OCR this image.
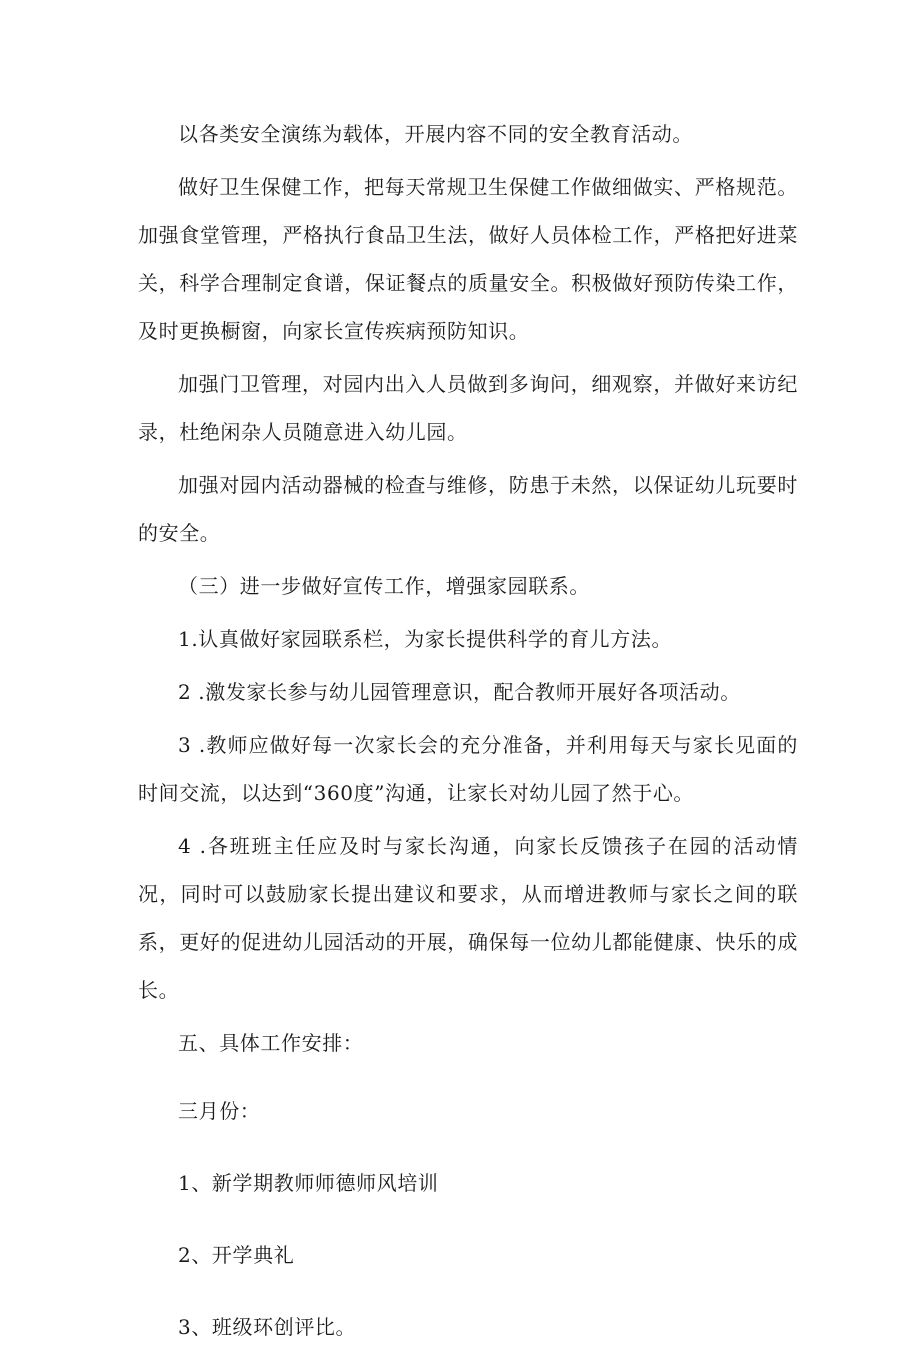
以各类安全演练为载体，开展内容不同的安全教育活动。

做好卫生保健工作，把每天常规卫生保健工作做细做实、严格规范。加强食堂管理，严格执行食品卫生法，做好人员体检工作，严格把好进菜关，科学合理制定食谱，保证餐点的质量安全。积极做好预防传染工作，及时更换橱窗，向家长宣传疾病预防知识。

加强门卫管理，对园内出入人员做到多询问，细观察，并做好来访纪录，杜绝闲杂人员随意进入幼儿园。

加强对园内活动器械的检查与维修，防患于未然，以保证幼儿玩要时的安全。

（三）进一步做好宣传工作，增强家园联系。

1.认真做好家园联系栏，为家长提供科学的育儿方法。

2 .激发家长参与幼儿园管理意识，配合教师开展好各项活动。

3 .教师应做好每一次家长会的充分准备，并利用每天与家长见面的时间交流，以达到“360度”沟通，让家长对幼儿园了然于心。

4 .各班班主任应及时与家长沟通，向家长反馈孩子在园的活动情况，同时可以鼓励家长提出建议和要求，从而增进教师与家长之间的联系，更好的促进幼儿园活动的开展，确保每一位幼儿都能健康、快乐的成长。

五、具体工作安排：

三月份：

1、新学期教师师德师风培训

2、开学典礼

3、班级环创评比。
